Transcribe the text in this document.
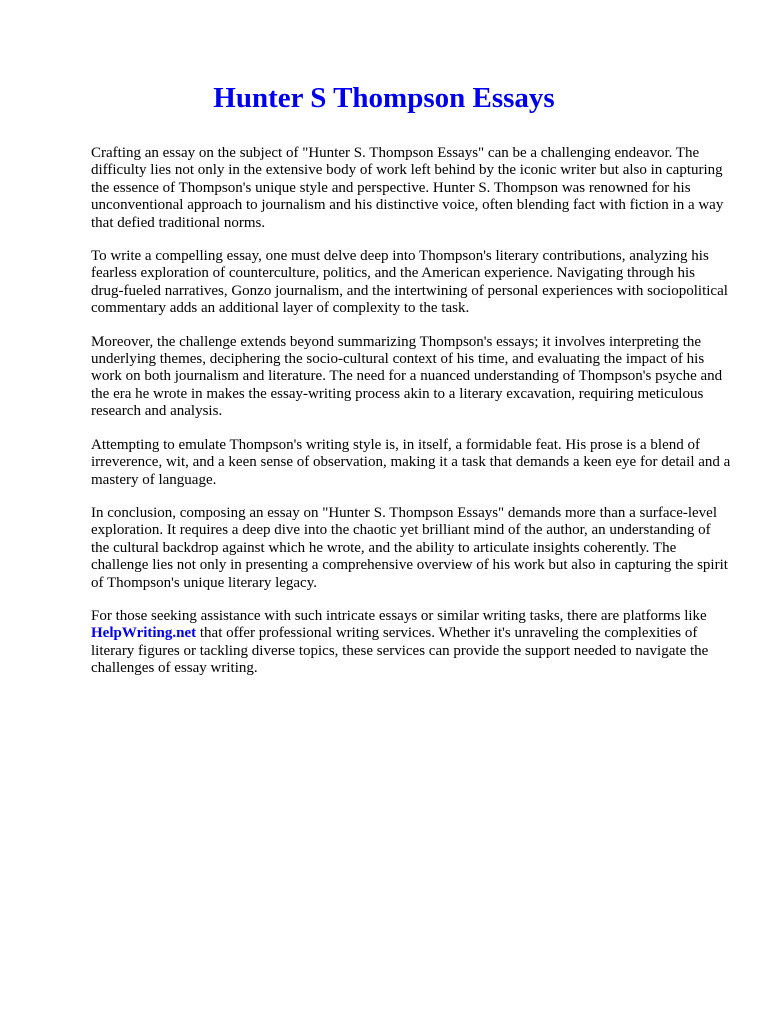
Hunter S Thompson Essays

Crafting an essay on the subject of "Hunter S. Thompson Essays" can be a challenging endeavor. The difficulty lies not only in the extensive body of work left behind by the iconic writer but also in capturing the essence of Thompson's unique style and perspective. Hunter S. Thompson was renowned for his unconventional approach to journalism and his distinctive voice, often blending fact with fiction in a way that defied traditional norms.

To write a compelling essay, one must delve deep into Thompson's literary contributions, analyzing his fearless exploration of counterculture, politics, and the American experience. Navigating through his drug-fueled narratives, Gonzo journalism, and the intertwining of personal experiences with sociopolitical commentary adds an additional layer of complexity to the task.

Moreover, the challenge extends beyond summarizing Thompson's essays; it involves interpreting the underlying themes, deciphering the socio-cultural context of his time, and evaluating the impact of his work on both journalism and literature. The need for a nuanced understanding of Thompson's psyche and the era he wrote in makes the essay-writing process akin to a literary excavation, requiring meticulous research and analysis.

Attempting to emulate Thompson's writing style is, in itself, a formidable feat. His prose is a blend of irreverence, wit, and a keen sense of observation, making it a task that demands a keen eye for detail and a mastery of language.

In conclusion, composing an essay on "Hunter S. Thompson Essays" demands more than a surface-level exploration. It requires a deep dive into the chaotic yet brilliant mind of the author, an understanding of the cultural backdrop against which he wrote, and the ability to articulate insights coherently. The challenge lies not only in presenting a comprehensive overview of his work but also in capturing the spirit of Thompson's unique literary legacy.

For those seeking assistance with such intricate essays or similar writing tasks, there are platforms like HelpWriting.net that offer professional writing services. Whether it's unraveling the complexities of literary figures or tackling diverse topics, these services can provide the support needed to navigate the challenges of essay writing.
